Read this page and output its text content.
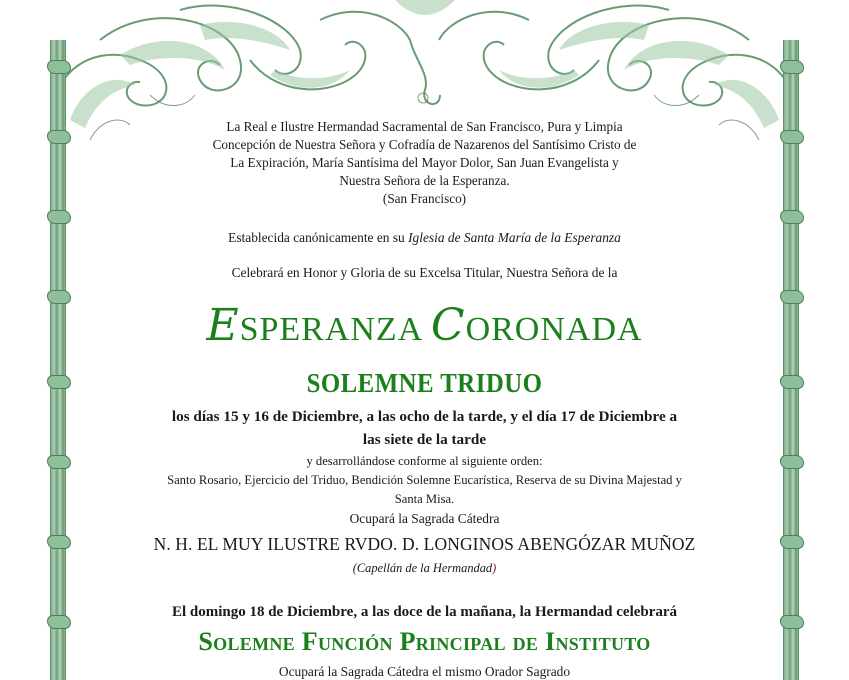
La Real e Ilustre Hermandad Sacramental de San Francisco, Pura y Limpia
Concepción de Nuestra Señora y Cofradía de Nazarenos del Santísimo Cristo de
La Expiración, María Santísima del Mayor Dolor, San Juan Evangelista y
Nuestra Señora de la Esperanza.
(San Francisco)
Establecida canónicamente en su Iglesia de Santa María de la Esperanza
Celebrará en Honor y Gloria de su Excelsa Titular, Nuestra Señora de la
ESPERANZA CORONADA
SOLEMNE TRIDUO
los días 15 y 16 de Diciembre, a las ocho de la tarde, y el día 17 de Diciembre a
las siete de la tarde
y desarrollándose conforme al siguiente orden:
Santo Rosario, Ejercicio del Triduo, Bendición Solemne Eucarística, Reserva de su Divina Majestad y
Santa Misa.
Ocupará la Sagrada Cátedra
N. H. EL MUY ILUSTRE RVDO. D. LONGINOS ABENGÓZAR MUÑOZ
(Capellán de la Hermandad)
El domingo 18 de Diciembre, a las doce de la mañana, la Hermandad celebrará
Solemne Función Principal de Instituto
Ocupará la Sagrada Cátedra el mismo Orador Sagrado
